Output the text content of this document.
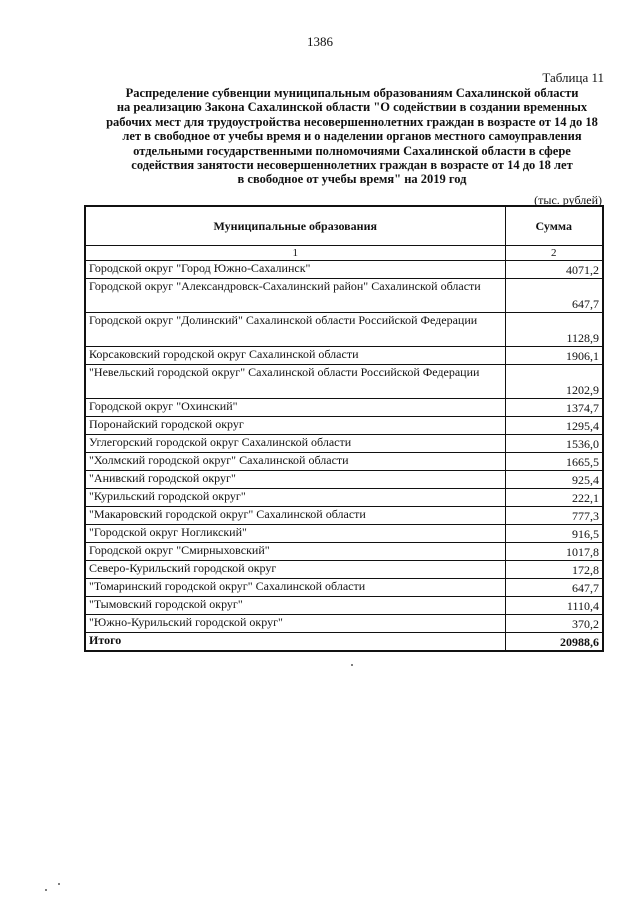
1386
Таблица 11
Распределение субвенции муниципальным образованиям Сахалинской области
на реализацию Закона Сахалинской области "О содействии в создании временных
рабочих мест для трудоустройства несовершеннолетних граждан в возрасте от 14 до 18
лет в свободное от учебы время и о наделении органов местного самоуправления
отдельными государственными полномочиями Сахалинской области в сфере
содействия занятости несовершеннолетних граждан в возрасте от 14 до 18 лет
в свободное от учебы время" на 2019 год
(тыс. рублей)
Муниципальные образования	Сумма
1	2
Городской округ "Город Южно-Сахалинск"	4071,2
Городской округ "Александровск-Сахалинский район" Сахалинской области	647,7
Городской округ "Долинский" Сахалинской области Российской Федерации	1128,9
Корсаковский городской округ Сахалинской области	1906,1
"Невельский городской округ" Сахалинской области Российской Федерации	1202,9
Городской округ "Охинский"	1374,7
Поронайский городской округ	1295,4
Углегорский городской округ Сахалинской области	1536,0
"Холмский городской округ" Сахалинской области	1665,5
"Анивский городской округ"	925,4
"Курильский городской округ"	222,1
"Макаровский городской округ" Сахалинской области	777,3
"Городской округ Ногликский"	916,5
Городской округ "Смирныховский"	1017,8
Северо-Курильский городской округ	172,8
"Томаринский городской округ" Сахалинской области	647,7
"Тымовский городской округ"	1110,4
"Южно-Курильский городской округ"	370,2
Итого	20988,6
